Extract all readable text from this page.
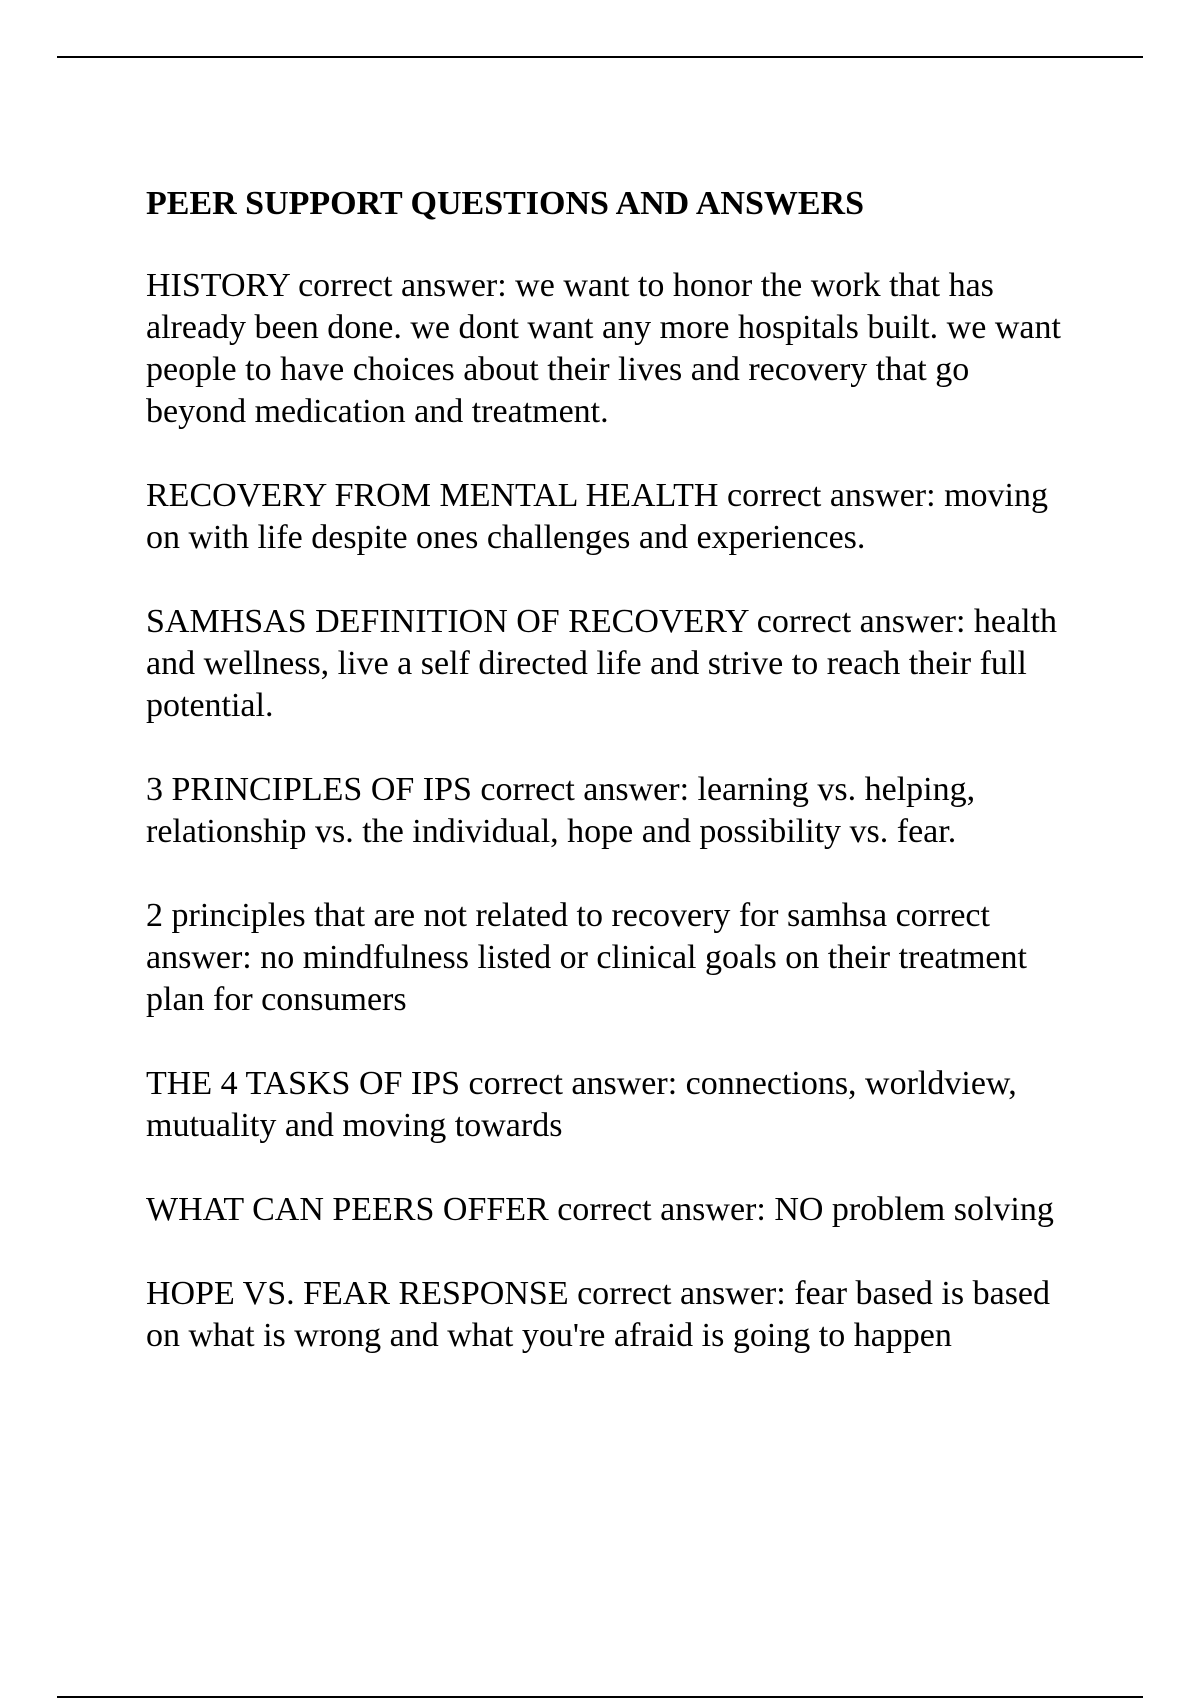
PEER SUPPORT QUESTIONS AND ANSWERS
HISTORY correct answer: we want to honor the work that has already been done. we dont want any more hospitals built. we want people to have choices about their lives and recovery that go beyond medication and treatment.
RECOVERY FROM MENTAL HEALTH correct answer: moving on with life despite ones challenges and experiences.
SAMHSAS DEFINITION OF RECOVERY correct answer: health and wellness, live a self directed life and strive to reach their full potential.
3 PRINCIPLES OF IPS correct answer: learning vs. helping, relationship vs. the individual, hope and possibility vs. fear.
2 principles that are not related to recovery for samhsa correct answer: no mindfulness listed or clinical goals on their treatment plan for consumers
THE 4 TASKS OF IPS correct answer: connections, worldview, mutuality and moving towards
WHAT CAN PEERS OFFER correct answer: NO problem solving
HOPE VS. FEAR RESPONSE correct answer: fear based is based on what is wrong and what you're afraid is going to happen
